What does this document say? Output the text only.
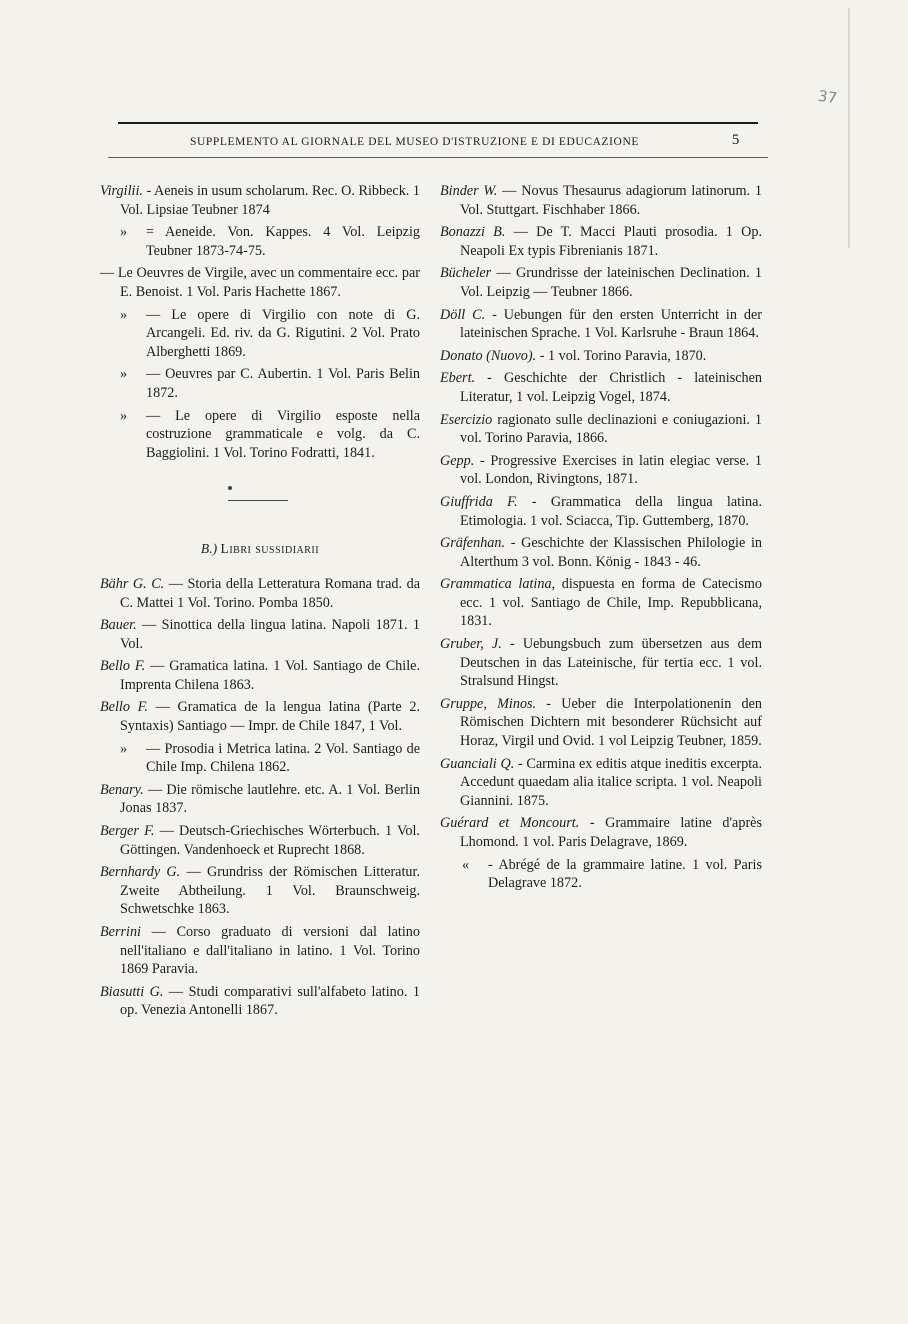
37
SUPPLEMENTO AL GIORNALE DEL MUSEO D'ISTRUZIONE E DI EDUCAZIONE	5

Virgilii. - Aeneis in usum scholarum. Rec. O. Ribbeck. 1 Vol. Lipsiae Teubner 1874

» = Aeneide. Von. Kappes. 4 Vol. Leipzig Teubner 1873-74-75.

— Le Oeuvres de Virgile, avec un commentaire ecc. par E. Benoist. 1 Vol. Paris Hachette 1867.

» — Le opere di Virgilio con note di G. Arcangeli. Ed. riv. da G. Rigutini. 2 Vol. Prato Alberghetti 1869.

» — Oeuvres par C. Aubertin. 1 Vol. Paris Belin 1872.

» — Le opere di Virgilio esposte nella costruzione grammaticale e volg. da C. Baggiolini. 1 Vol. Torino Fodratti, 1841.

B.) Libri sussidiarii

Bähr G. C. — Storia della Letteratura Romana trad. da C. Mattei 1 Vol. Torino. Pomba 1850.

Bauer. — Sinottica della lingua latina. Napoli 1871. 1 Vol.

Bello F. — Gramatica latina. 1 Vol. Santiago de Chile. Imprenta Chilena 1863.

Bello F. — Gramatica de la lengua latina (Parte 2. Syntaxis) Santiago — Impr. de Chile 1847, 1 Vol.

» — Prosodia i Metrica latina. 2 Vol. Santiago de Chile Imp. Chilena 1862.

Benary. — Die römische lautlehre. etc. A. 1 Vol. Berlin Jonas 1837.

Berger F. — Deutsch-Griechisches Wörterbuch. 1 Vol. Göttingen. Vandenhoeck et Ruprecht 1868.

Bernhardy G. — Grundriss der Römischen Litteratur. Zweite Abtheilung. 1 Vol. Braunschweig. Schwetschke 1863.

Berrini — Corso graduato di versioni dal latino nell'italiano e dall'italiano in latino. 1 Vol. Torino 1869 Paravia.

Biasutti G. — Studi comparativi sull'alfabeto latino. 1 op. Venezia Antonelli 1867.

Binder W. — Novus Thesaurus adagiorum latinorum. 1 Vol. Stuttgart. Fischhaber 1866.

Bonazzi B. — De T. Macci Plauti prosodia. 1 Op. Neapoli Ex typis Fibrenianis 1871.

Bücheler — Grundrisse der lateinischen Declination. 1 Vol. Leipzig — Teubner 1866.

Döll C. - Uebungen für den ersten Unterricht in der lateinischen Sprache. 1 Vol. Karlsruhe - Braun 1864.

Donato (Nuovo). - 1 vol. Torino Paravia, 1870.

Ebert. - Geschichte der Christlich - lateinischen Literatur, 1 vol. Leipzig Vogel, 1874.

Esercizio ragionato sulle declinazioni e coniugazioni. 1 vol. Torino Paravia, 1866.

Gepp. - Progressive Exercises in latin elegiac verse. 1 vol. London, Rivingtons, 1871.

Giuffrida F. - Grammatica della lingua latina. Etimologia. 1 vol. Sciacca, Tip. Guttemberg, 1870.

Gräfenhan. - Geschichte der Klassischen Philologie in Alterthum 3 vol. Bonn. König - 1843 - 46.

Grammatica latina, dispuesta en forma de Catecismo ecc. 1 vol. Santiago de Chile, Imp. Repubblicana, 1831.

Gruber, J. - Uebungsbuch zum übersetzen aus dem Deutschen in das Lateinische, für tertia ecc. 1 vol. Stralsund Hingst.

Gruppe, Minos. - Ueber die Interpolationenin den Römischen Dichtern mit besonderer Rüchsicht auf Horaz, Virgil und Ovid. 1 vol Leipzig Teubner, 1859.

Guanciali Q. - Carmina ex editis atque ineditis excerpta. Accedunt quaedam alia italice scripta. 1 vol. Neapoli Giannini. 1875.

Guérard et Moncourt. - Grammaire latine d'après Lhomond. 1 vol. Paris Delagrave, 1869.

« - Abrégé de la grammaire latine. 1 vol. Paris Delagrave 1872.
